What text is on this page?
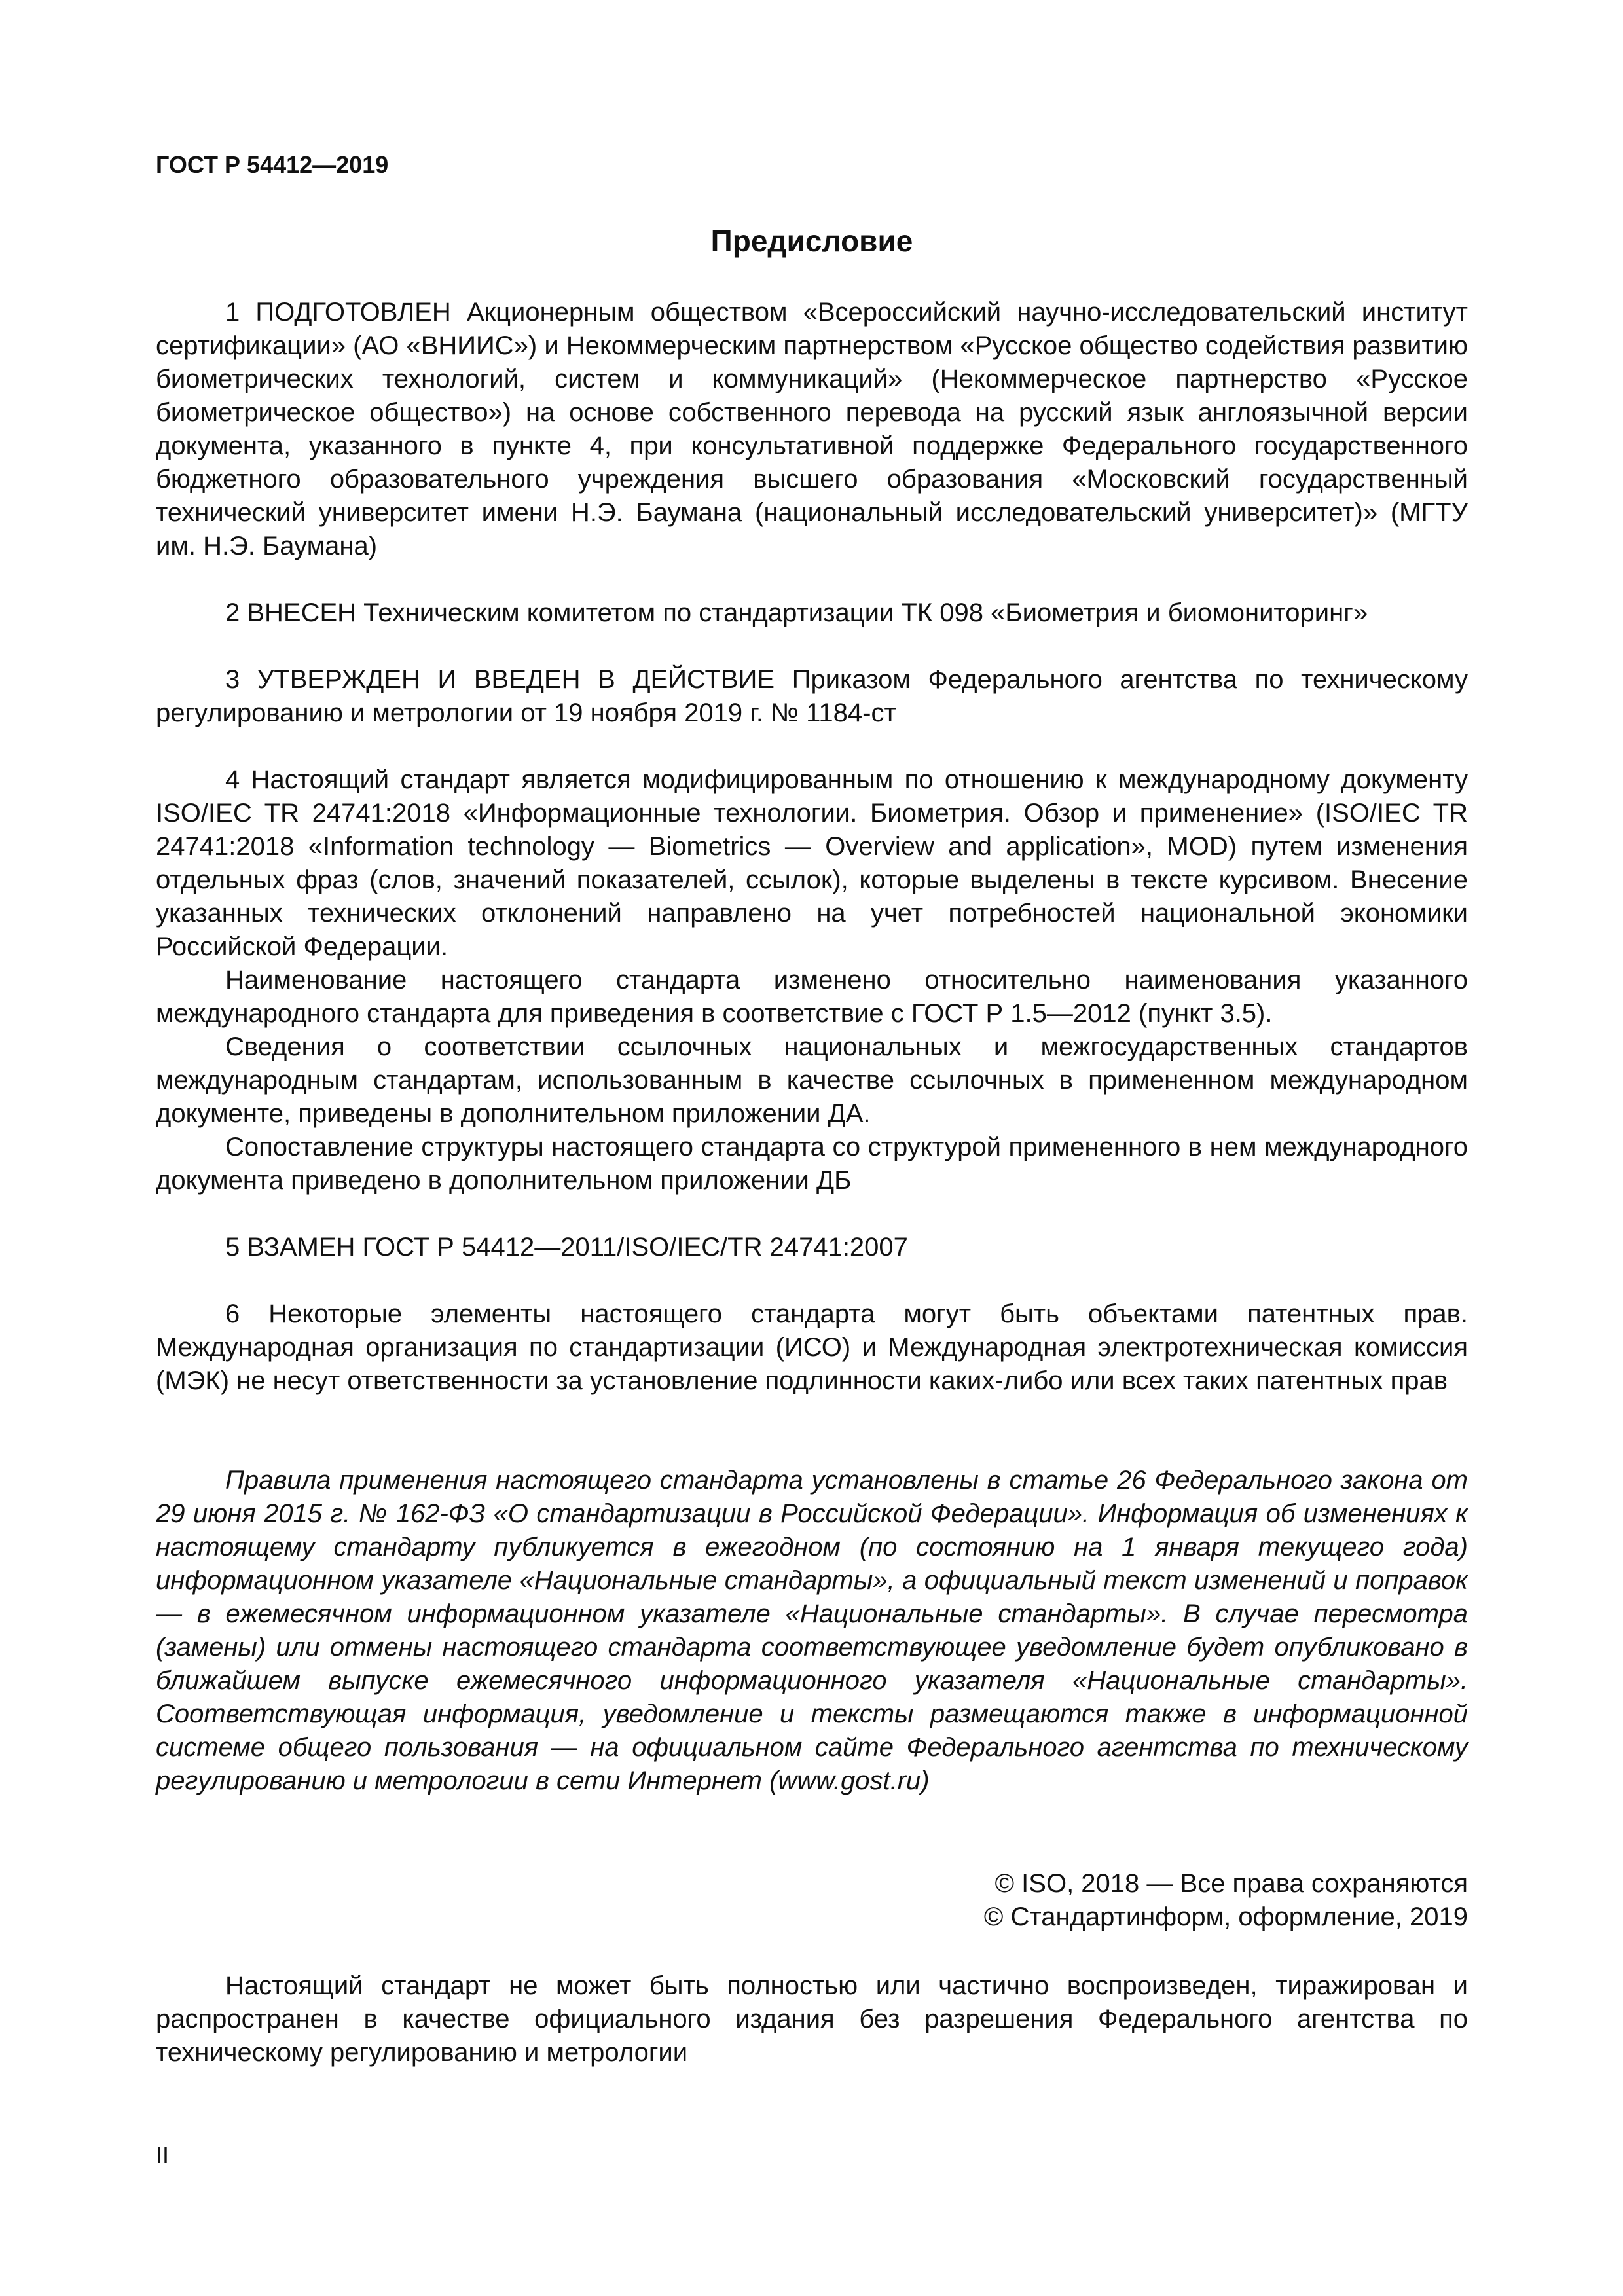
ГОСТ Р 54412—2019
Предисловие

1 ПОДГОТОВЛЕН Акционерным обществом «Всероссийский научно-исследовательский институт сертификации» (АО «ВНИИС») и Некоммерческим партнерством «Русское общество содействия развитию биометрических технологий, систем и коммуникаций» (Некоммерческое партнерство «Русское биометрическое общество») на основе собственного перевода на русский язык англоязычной версии документа, указанного в пункте 4, при консультативной поддержке Федерального государственного бюджетного образовательного учреждения высшего образования «Московский государственный технический университет имени Н.Э. Баумана (национальный исследовательский университет)» (МГТУ им. Н.Э. Баумана)

2 ВНЕСЕН Техническим комитетом по стандартизации ТК 098 «Биометрия и биомониторинг»

3 УТВЕРЖДЕН И ВВЕДЕН В ДЕЙСТВИЕ Приказом Федерального агентства по техническому регулированию и метрологии от 19 ноября 2019 г. № 1184-ст

4 Настоящий стандарт является модифицированным по отношению к международному документу ISO/IEC TR 24741:2018 «Информационные технологии. Биометрия. Обзор и применение» (ISO/IEC TR 24741:2018 «Information technology — Biometrics — Overview and application», MOD) путем изменения отдельных фраз (слов, значений показателей, ссылок), которые выделены в тексте курсивом. Внесение указанных технических отклонений направлено на учет потребностей национальной экономики Российской Федерации.

Наименование настоящего стандарта изменено относительно наименования указанного международного стандарта для приведения в соответствие с ГОСТ Р 1.5—2012 (пункт 3.5).

Сведения о соответствии ссылочных национальных и межгосударственных стандартов международным стандартам, использованным в качестве ссылочных в примененном международном документе, приведены в дополнительном приложении ДА.

Сопоставление структуры настоящего стандарта со структурой примененного в нем международного документа приведено в дополнительном приложении ДБ

5 ВЗАМЕН ГОСТ Р 54412—2011/ISO/IEC/TR 24741:2007

6 Некоторые элементы настоящего стандарта могут быть объектами патентных прав. Международная организация по стандартизации (ИСО) и Международная электротехническая комиссия (МЭК) не несут ответственности за установление подлинности каких-либо или всех таких патентных прав

Правила применения настоящего стандарта установлены в статье 26 Федерального закона от 29 июня 2015 г. № 162-ФЗ «О стандартизации в Российской Федерации». Информация об изменениях к настоящему стандарту публикуется в ежегодном (по состоянию на 1 января текущего года) информационном указателе «Национальные стандарты», а официальный текст изменений и поправок — в ежемесячном информационном указателе «Национальные стандарты». В случае пересмотра (замены) или отмены настоящего стандарта соответствующее уведомление будет опубликовано в ближайшем выпуске ежемесячного информационного указателя «Национальные стандарты». Соответствующая информация, уведомление и тексты размещаются также в информационной системе общего пользования — на официальном сайте Федерального агентства по техническому регулированию и метрологии в сети Интернет (www.gost.ru)

© ISO, 2018 — Все права сохраняются
© Стандартинформ, оформление, 2019

Настоящий стандарт не может быть полностью или частично воспроизведен, тиражирован и распространен в качестве официального издания без разрешения Федерального агентства по техническому регулированию и метрологии

II
